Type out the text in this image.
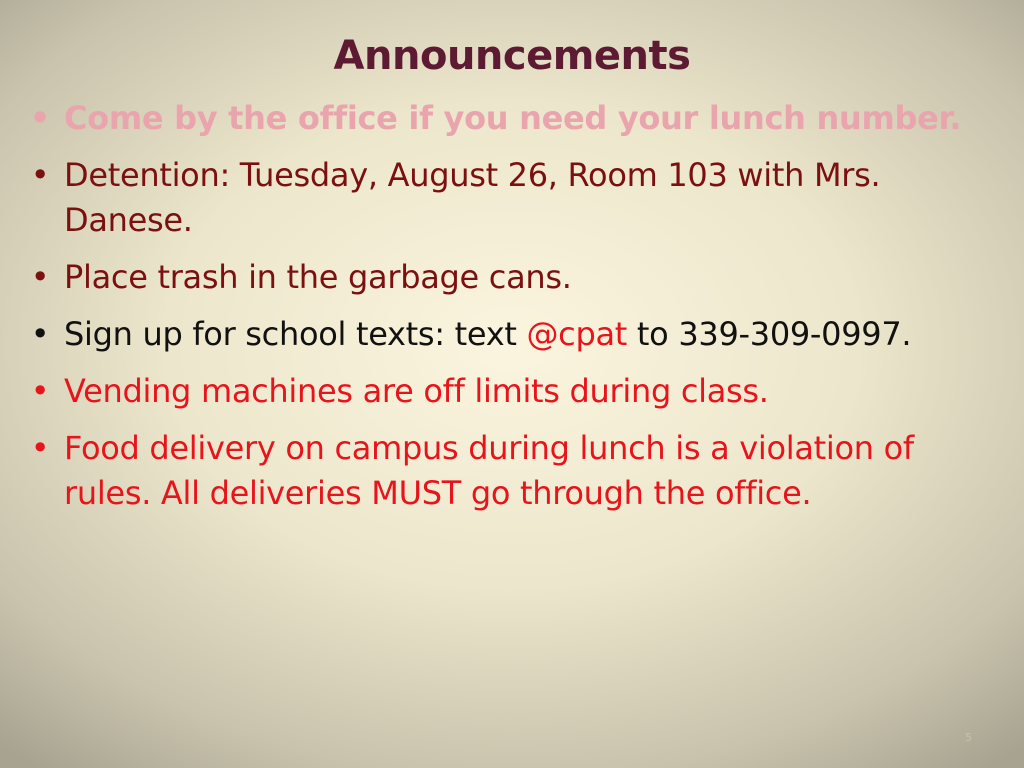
Announcements
• Come by the office if you need your lunch number.
• Detention: Tuesday, August 26, Room 103 with Mrs. Danese.
• Place trash in the garbage cans.
• Sign up for school texts: text @cpat to 339-309-0997.
• Vending machines are off limits during class.
• Food delivery on campus during lunch is a violation of rules. All deliveries MUST go through the office.
5
